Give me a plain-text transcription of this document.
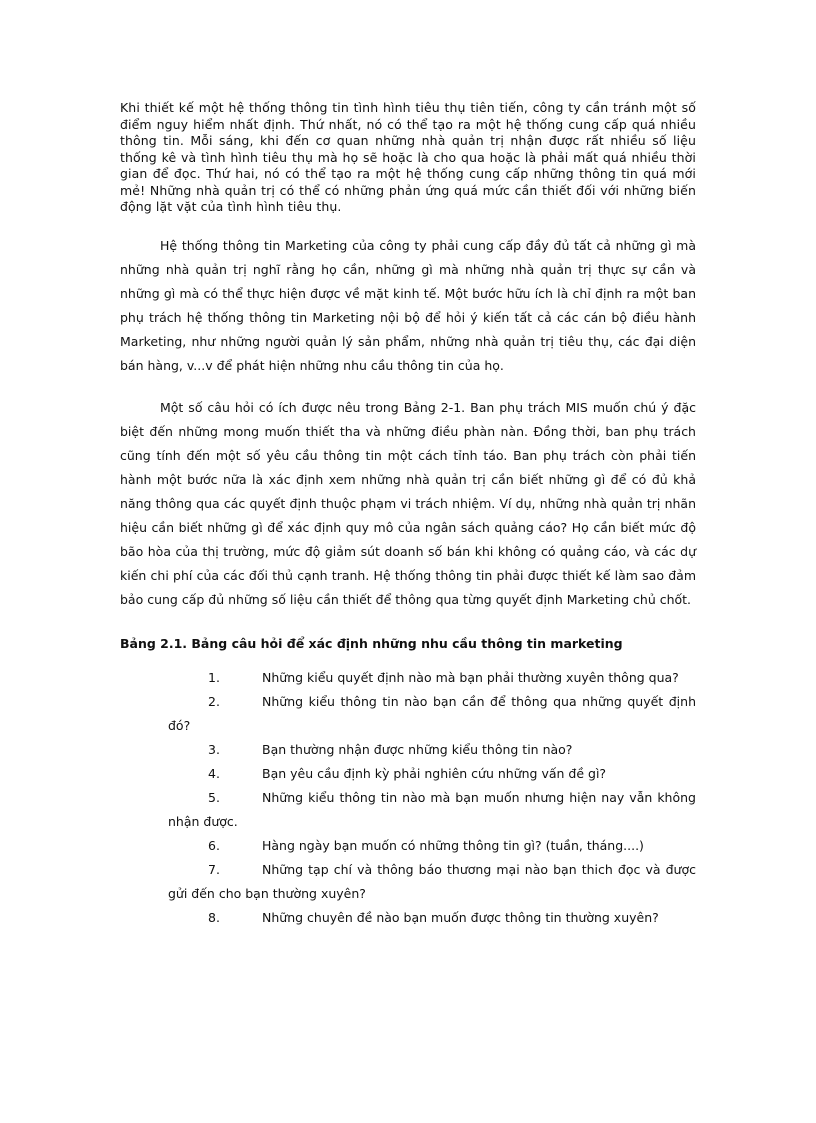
Khi thiết kế một hệ thống thông tin tình hình tiêu thụ tiên tiến, công ty cần tránh một số điểm nguy hiểm nhất định. Thứ nhất, nó có thể tạo ra một hệ thống cung cấp quá nhiều thông tin. Mỗi sáng, khi đến cơ quan những nhà quản trị nhận được rất nhiều số liệu thống kê và tình hình tiêu thụ mà họ sẽ hoặc là cho qua hoặc là phải mất quá nhiều thời gian để đọc. Thứ hai, nó có thể tạo ra một hệ thống cung cấp những thông tin quá mới mẻ! Những nhà quản trị có thể có những phản ứng quá mức cần thiết đối với những biến động lặt vặt của tình hình tiêu thụ.

Hệ thống thông tin Marketing của công ty phải cung cấp đầy đủ tất cả những gì mà những nhà quản trị nghĩ rằng họ cần, những gì mà những nhà quản trị thực sự cần và những gì mà có thể thực hiện được về mặt kinh tế. Một bước hữu ích là chỉ định ra một ban phụ trách hệ thống thông tin Marketing nội bộ để hỏi ý kiến tất cả các cán bộ điều hành Marketing, như những người quản lý sản phẩm, những nhà quản trị tiêu thụ, các đại diện bán hàng, v...v để phát hiện những nhu cầu thông tin của họ.

Một số câu hỏi có ích được nêu trong Bảng 2-1. Ban phụ trách MIS muốn chú ý đặc biệt đến những mong muốn thiết tha và những điều phàn nàn. Đồng thời, ban phụ trách cũng tính đến một số yêu cầu thông tin một cách tỉnh táo. Ban phụ trách còn phải tiến hành một bước nữa là xác định xem những nhà quản trị cần biết những gì để có đủ khả năng thông qua các quyết định thuộc phạm vi trách nhiệm. Ví dụ, những nhà quản trị nhãn hiệu cần biết những gì để xác định quy mô của ngân sách quảng cáo? Họ cần biết mức độ bão hòa của thị trường, mức độ giảm sút doanh số bán khi không có quảng cáo, và các dự kiến chi phí của các đối thủ cạnh tranh. Hệ thống thông tin phải được thiết kế làm sao đảm bảo cung cấp đủ những số liệu cần thiết để thông qua từng quyết định Marketing chủ chốt.

Bảng 2.1. Bảng câu hỏi để xác định những nhu cầu thông tin marketing

1.	Những kiểu quyết định nào mà bạn phải thường xuyên thông qua?
2.	Những kiểu thông tin nào bạn cần để thông qua những quyết định đó?
3.	Bạn thường nhận được những kiểu thông tin nào?
4.	Bạn yêu cầu định kỳ phải nghiên cứu những vấn đề gì?
5.	Những kiểu thông tin nào mà bạn muốn nhưng hiện nay vẫn không nhận được.
6.	Hàng ngày bạn muốn có những thông tin gì? (tuần, tháng....)
7.	Những tạp chí và thông báo thương mại nào bạn thich đọc và được gửi đến cho bạn thường xuyên?
8.	Những chuyên đề nào bạn muốn được thông tin thường xuyên?
